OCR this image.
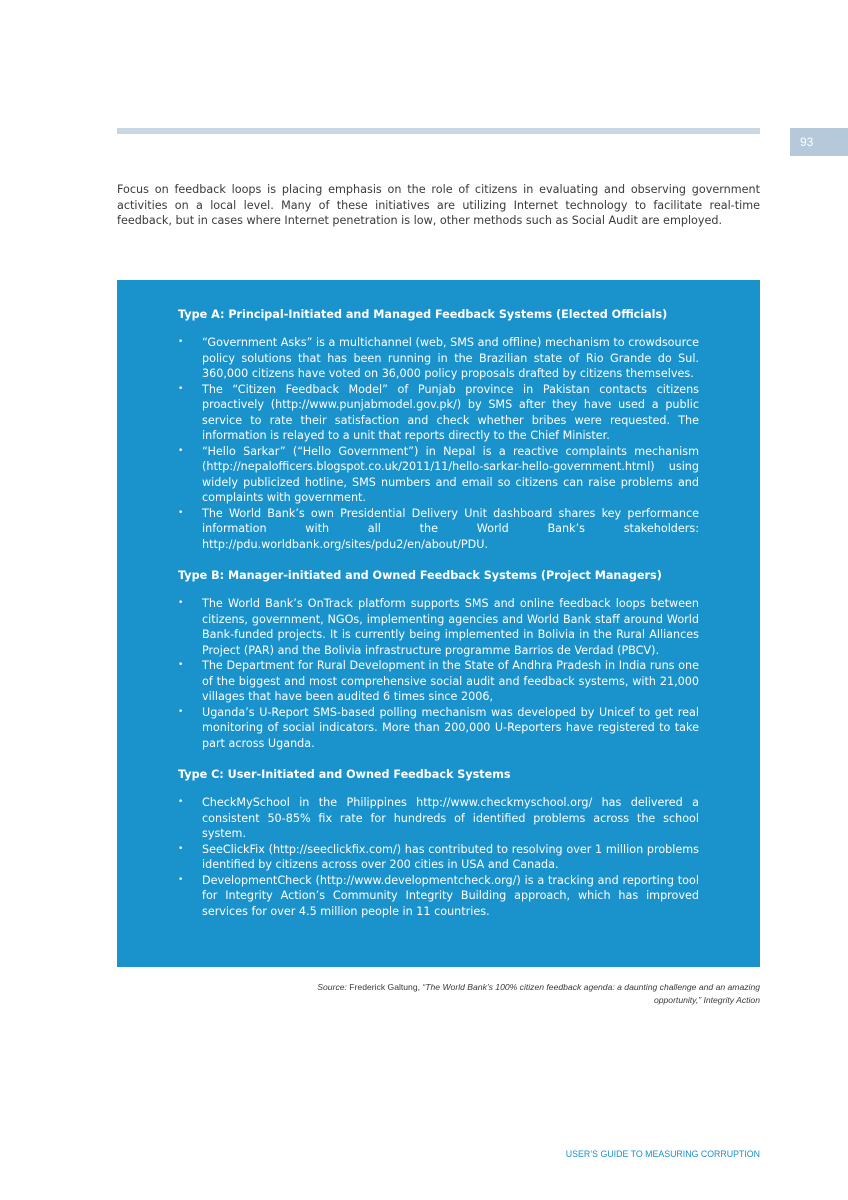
93

Focus on feedback loops is placing emphasis on the role of citizens in evaluating and observing government activities on a local level. Many of these initiatives are utilizing Internet technology to facilitate real-time feedback, but in cases where Internet penetration is low, other methods such as Social Audit are employed.

Type A: Principal-Initiated and Managed Feedback Systems (Elected Officials)

• “Government Asks” is a multichannel (web, SMS and offline) mechanism to crowdsource policy solutions that has been running in the Brazilian state of Rio Grande do Sul. 360,000 citizens have voted on 36,000 policy proposals drafted by citizens themselves.
• The “Citizen Feedback Model” of Punjab province in Pakistan contacts citizens proactively (http://www.punjabmodel.gov.pk/) by SMS after they have used a public service to rate their satisfaction and check whether bribes were requested. The information is relayed to a unit that reports directly to the Chief Minister.
• “Hello Sarkar” (“Hello Government”) in Nepal is a reactive complaints mechanism (http://nepalofficers.blogspot.co.uk/2011/11/hello-sarkar-hello-government.html) using widely publicized hotline, SMS numbers and email so citizens can raise problems and complaints with government.
• The World Bank’s own Presidential Delivery Unit dashboard shares key performance information with all the World Bank’s stakeholders: http://pdu.worldbank.org/sites/pdu2/en/about/PDU.

Type B: Manager-initiated and Owned Feedback Systems (Project Managers)

• The World Bank’s OnTrack platform supports SMS and online feedback loops between citizens, government, NGOs, implementing agencies and World Bank staff around World Bank-funded projects. It is currently being implemented in Bolivia in the Rural Alliances Project (PAR) and the Bolivia infrastructure programme Barrios de Verdad (PBCV).
• The Department for Rural Development in the State of Andhra Pradesh in India runs one of the biggest and most comprehensive social audit and feedback systems, with 21,000 villages that have been audited 6 times since 2006,
• Uganda’s U-Report SMS-based polling mechanism was developed by Unicef to get real monitoring of social indicators. More than 200,000 U-Reporters have registered to take part across Uganda.

Type C: User-Initiated and Owned Feedback Systems

• CheckMySchool in the Philippines http://www.checkmyschool.org/ has delivered a consistent 50-85% fix rate for hundreds of identified problems across the school system.
• SeeClickFix (http://seeclickfix.com/) has contributed to resolving over 1 million problems identified by citizens across over 200 cities in USA and Canada.
• DevelopmentCheck (http://www.developmentcheck.org/) is a tracking and reporting tool for Integrity Action’s Community Integrity Building approach, which has improved services for over 4.5 million people in 11 countries.

Source: Frederick Galtung, “The World Bank’s 100% citizen feedback agenda: a daunting challenge and an amazing opportunity,” Integrity Action

USER’S GUIDE TO MEASURING CORRUPTION
